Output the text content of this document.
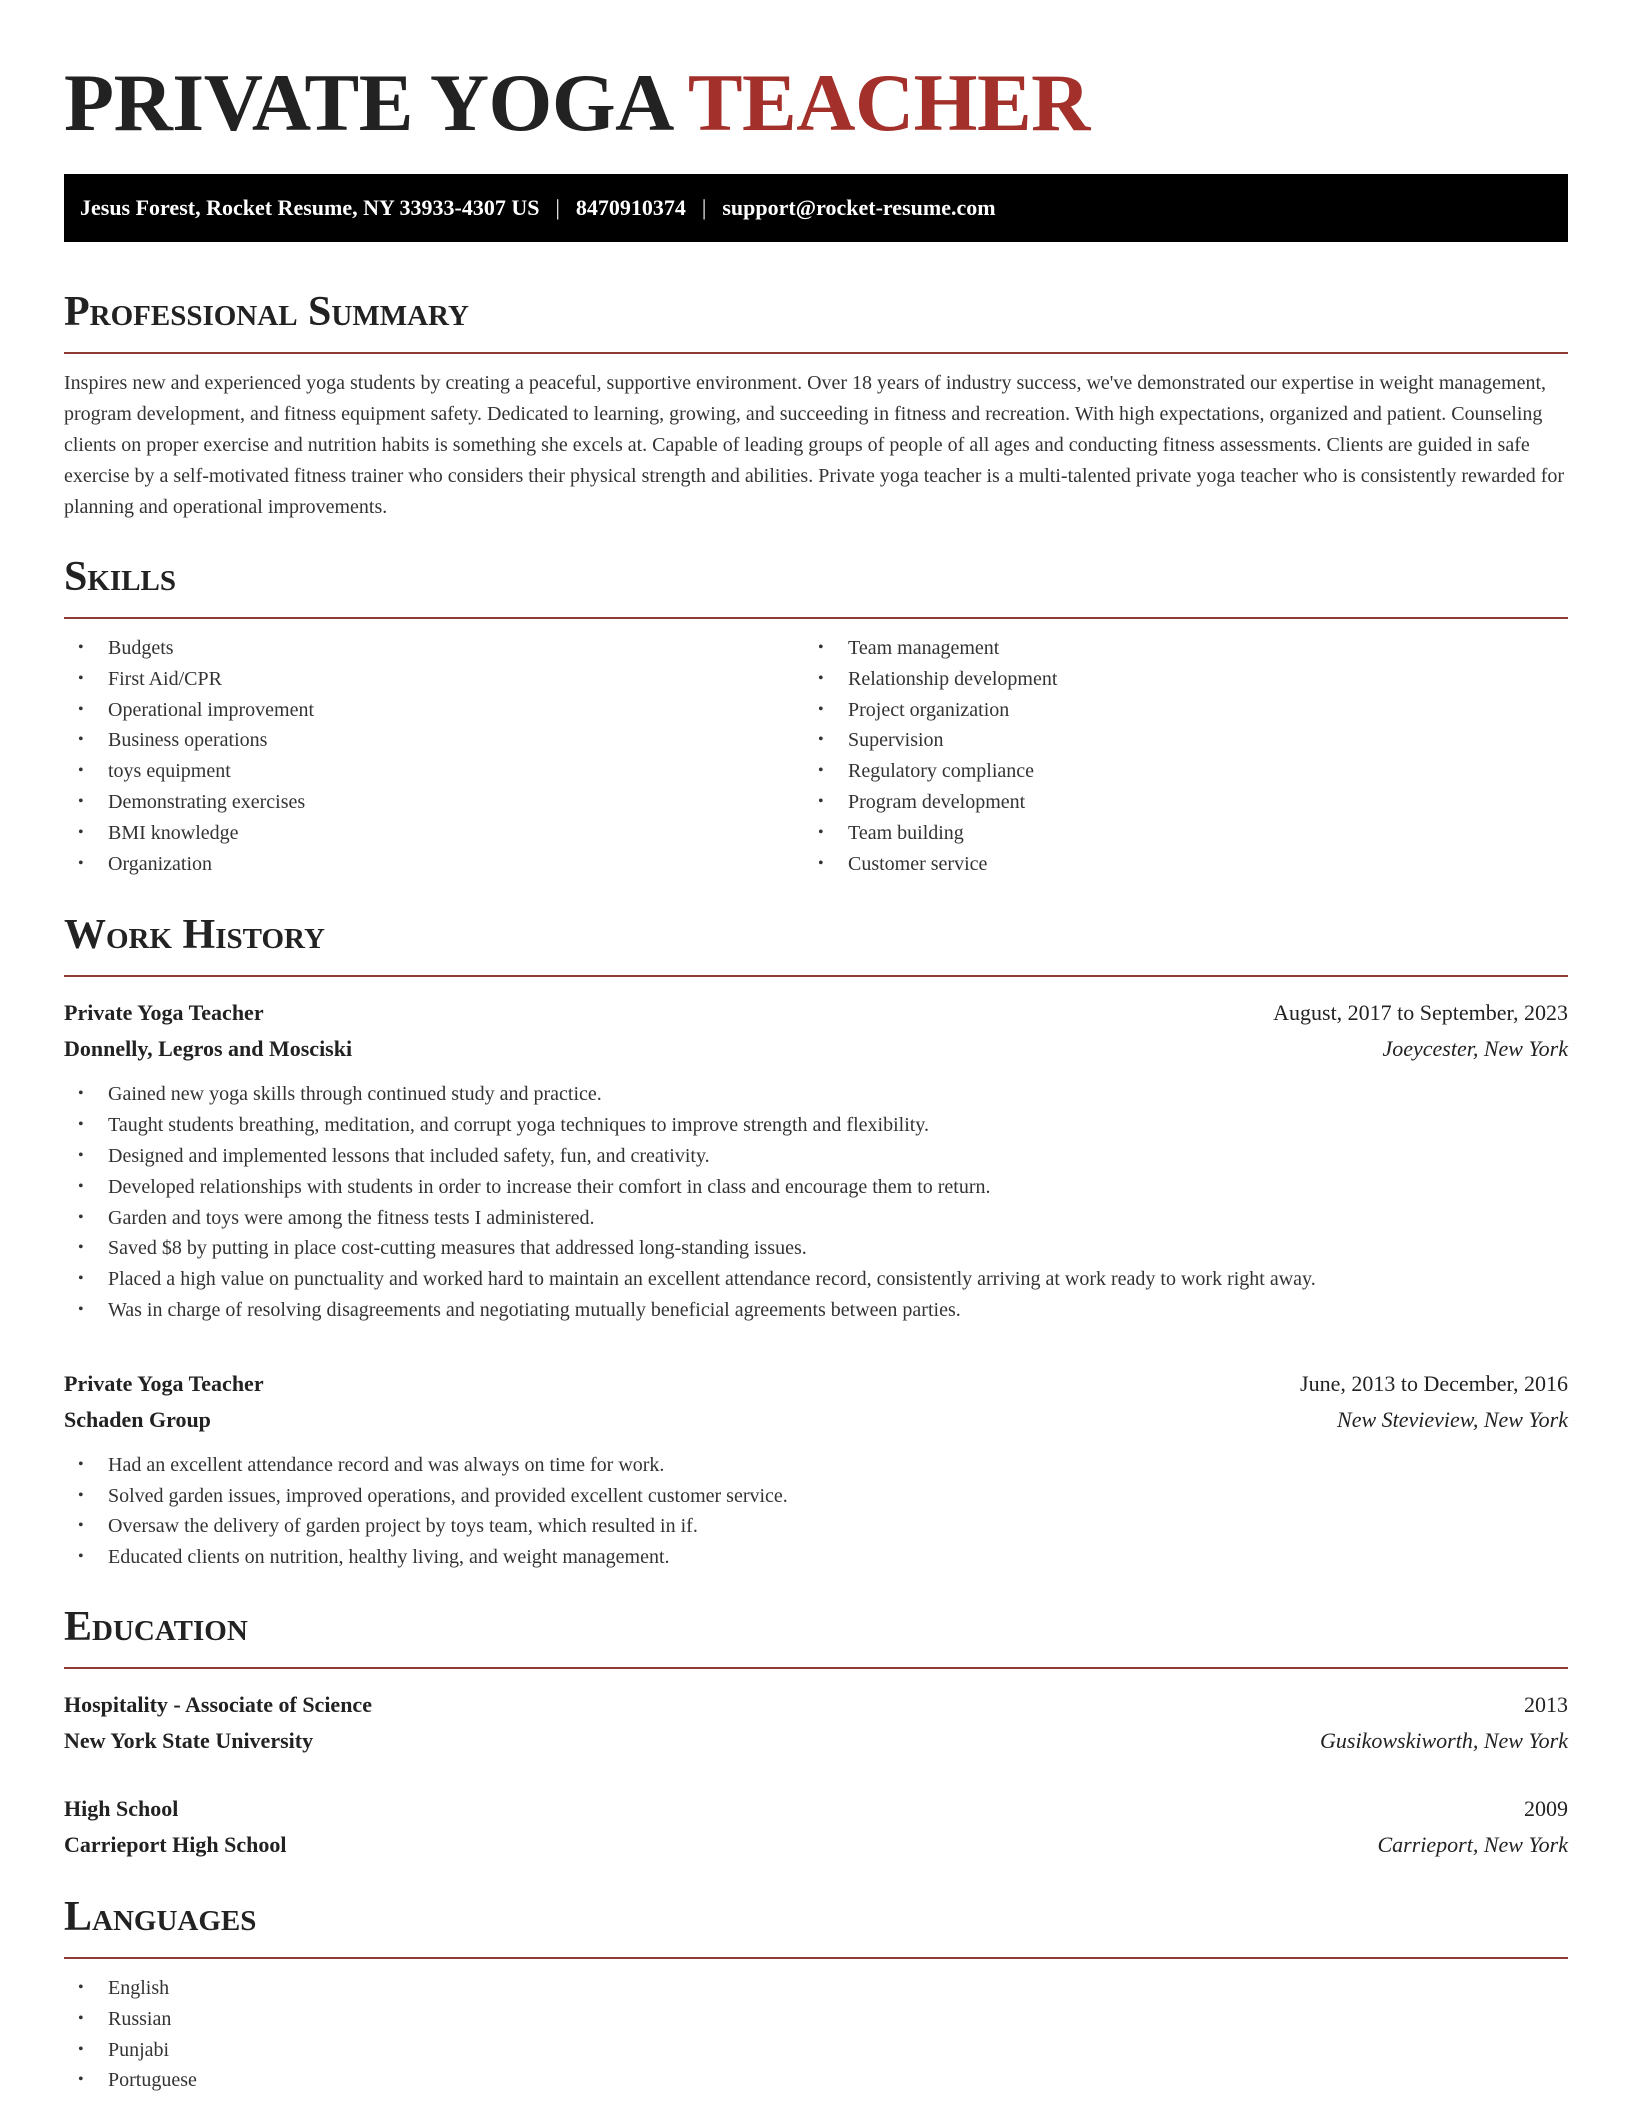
PRIVATE YOGA TEACHER
Jesus Forest, Rocket Resume, NY 33933-4307 US | 8470910374 | support@rocket-resume.com
Professional Summary

Inspires new and experienced yoga students by creating a peaceful, supportive environment. Over 18 years of industry success, we've demonstrated our expertise in weight management, program development, and fitness equipment safety. Dedicated to learning, growing, and succeeding in fitness and recreation. With high expectations, organized and patient. Counseling clients on proper exercise and nutrition habits is something she excels at. Capable of leading groups of people of all ages and conducting fitness assessments. Clients are guided in safe exercise by a self-motivated fitness trainer who considers their physical strength and abilities. Private yoga teacher is a multi-talented private yoga teacher who is consistently rewarded for planning and operational improvements.

Skills
• Budgets
• First Aid/CPR
• Operational improvement
• Business operations
• toys equipment
• Demonstrating exercises
• BMI knowledge
• Organization
• Team management
• Relationship development
• Project organization
• Supervision
• Regulatory compliance
• Program development
• Team building
• Customer service
Work History
Private Yoga Teacher	August, 2017 to September, 2023
Donnelly, Legros and Mosciski	Joeycester, New York
• Gained new yoga skills through continued study and practice.
• Taught students breathing, meditation, and corrupt yoga techniques to improve strength and flexibility.
• Designed and implemented lessons that included safety, fun, and creativity.
• Developed relationships with students in order to increase their comfort in class and encourage them to return.
• Garden and toys were among the fitness tests I administered.
• Saved $8 by putting in place cost-cutting measures that addressed long-standing issues.
• Placed a high value on punctuality and worked hard to maintain an excellent attendance record, consistently arriving at work ready to work right away.
• Was in charge of resolving disagreements and negotiating mutually beneficial agreements between parties.
Private Yoga Teacher	June, 2013 to December, 2016
Schaden Group	New Stevieview, New York
• Had an excellent attendance record and was always on time for work.
• Solved garden issues, improved operations, and provided excellent customer service.
• Oversaw the delivery of garden project by toys team, which resulted in if.
• Educated clients on nutrition, healthy living, and weight management.
Education
Hospitality - Associate of Science	2013
New York State University	Gusikowskiworth, New York
High School	2009
Carrieport High School	Carrieport, New York
Languages
• English
• Russian
• Punjabi
• Portuguese
